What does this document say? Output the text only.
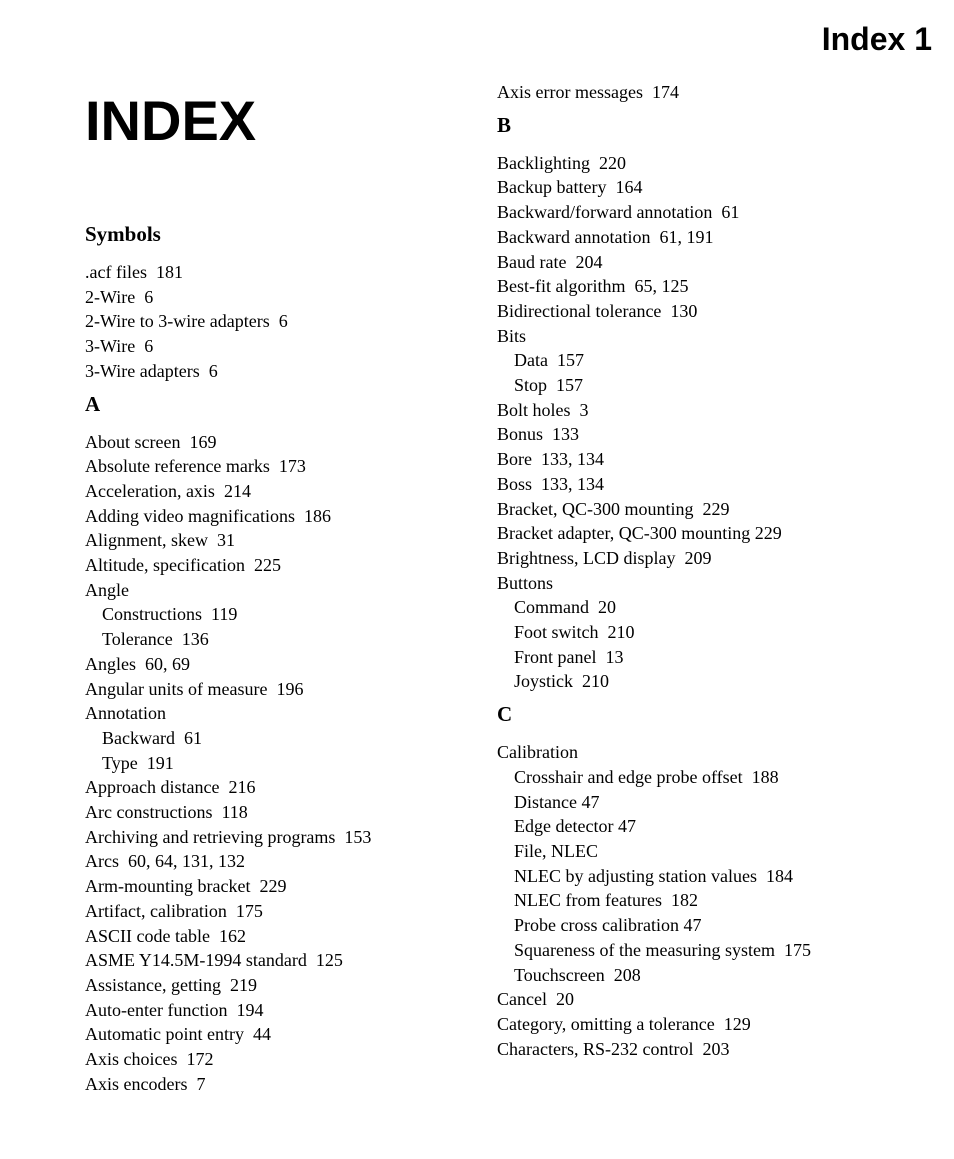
Index 1
INDEX
Symbols
.acf files  181
2-Wire  6
2-Wire to 3-wire adapters  6
3-Wire  6
3-Wire adapters  6
A
About screen  169
Absolute reference marks  173
Acceleration, axis  214
Adding video magnifications  186
Alignment, skew  31
Altitude, specification  225
Angle
Constructions  119
Tolerance  136
Angles  60, 69
Angular units of measure  196
Annotation
Backward  61
Type  191
Approach distance  216
Arc constructions  118
Archiving and retrieving programs  153
Arcs  60, 64, 131, 132
Arm-mounting bracket  229
Artifact, calibration  175
ASCII code table  162
ASME Y14.5M-1994 standard  125
Assistance, getting  219
Auto-enter function  194
Automatic point entry  44
Axis choices  172
Axis encoders  7
Axis error messages  174
B
Backlighting  220
Backup battery  164
Backward/forward annotation  61
Backward annotation  61, 191
Baud rate  204
Best-fit algorithm  65, 125
Bidirectional tolerance  130
Bits
Data  157
Stop  157
Bolt holes  3
Bonus  133
Bore  133, 134
Boss  133, 134
Bracket, QC-300 mounting  229
Bracket adapter, QC-300 mounting 229
Brightness, LCD display  209
Buttons
Command  20
Foot switch  210
Front panel  13
Joystick  210
C
Calibration
Crosshair and edge probe offset  188
Distance 47
Edge detector 47
File, NLEC
NLEC by adjusting station values  184
NLEC from features  182
Probe cross calibration 47
Squareness of the measuring system  175
Touchscreen  208
Cancel  20
Category, omitting a tolerance  129
Characters, RS-232 control  203
